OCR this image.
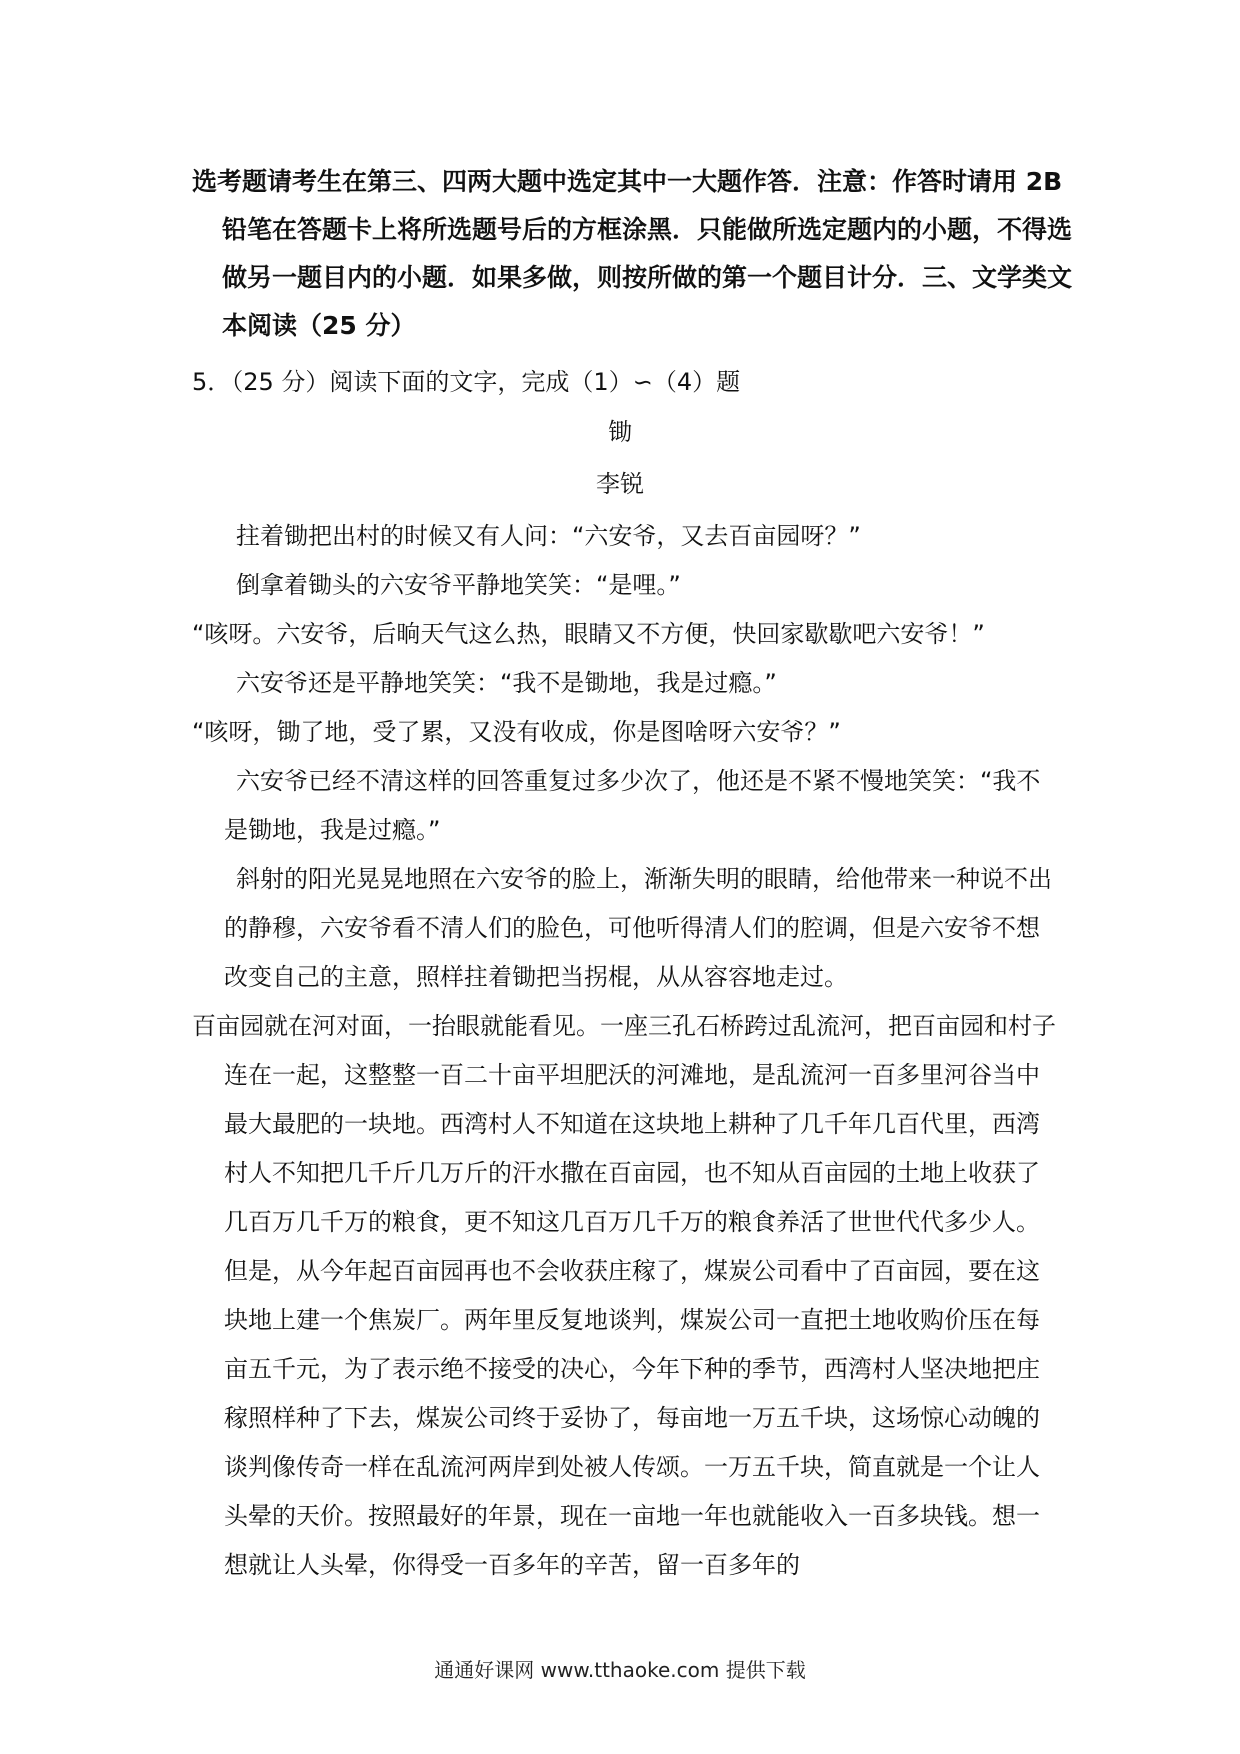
选考题请考生在第三、四两大题中选定其中一大题作答．注意：作答时请用 2B 铅笔在答题卡上将所选题号后的方框涂黑．只能做所选定题内的小题，不得选做另一题目内的小题．如果多做，则按所做的第一个题目计分．三、文学类文本阅读（25 分）
5．（25 分）阅读下面的文字，完成（1）∽（4）题
锄
李锐

拄着锄把出村的时候又有人问：“六安爷，又去百亩园呀？”

倒拿着锄头的六安爷平静地笑笑：“是哩。”

“咳呀。六安爷，后晌天气这么热，眼睛又不方便，快回家歇歇吧六安爷！”

六安爷还是平静地笑笑：“我不是锄地，我是过瘾。”

“咳呀，锄了地，受了累，又没有收成，你是图啥呀六安爷？”

六安爷已经不清这样的回答重复过多少次了，他还是不紧不慢地笑笑：“我不是锄地，我是过瘾。”

斜射的阳光晃晃地照在六安爷的脸上，渐渐失明的眼睛，给他带来一种说不出的静穆，六安爷看不清人们的脸色，可他听得清人们的腔调，但是六安爷不想改变自己的主意，照样拄着锄把当拐棍，从从容容地走过。

百亩园就在河对面，一抬眼就能看见。一座三孔石桥跨过乱流河，把百亩园和村子连在一起，这整整一百二十亩平坦肥沃的河滩地，是乱流河一百多里河谷当中最大最肥的一块地。西湾村人不知道在这块地上耕种了几千年几百代里，西湾村人不知把几千斤几万斤的汗水撒在百亩园，也不知从百亩园的土地上收获了几百万几千万的粮食，更不知这几百万几千万的粮食养活了世世代代多少人。但是，从今年起百亩园再也不会收获庄稼了，煤炭公司看中了百亩园，要在这块地上建一个焦炭厂。两年里反复地谈判，煤炭公司一直把土地收购价压在每亩五千元，为了表示绝不接受的决心，今年下种的季节，西湾村人坚决地把庄稼照样种了下去，煤炭公司终于妥协了，每亩地一万五千块，这场惊心动魄的谈判像传奇一样在乱流河两岸到处被人传颂。一万五千块，简直就是一个让人头晕的天价。按照最好的年景，现在一亩地一年也就能收入一百多块钱。想一想就让人头晕，你得受一百多年的辛苦，留一百多年的

通通好课网 www.tthaoke.com 提供下载
